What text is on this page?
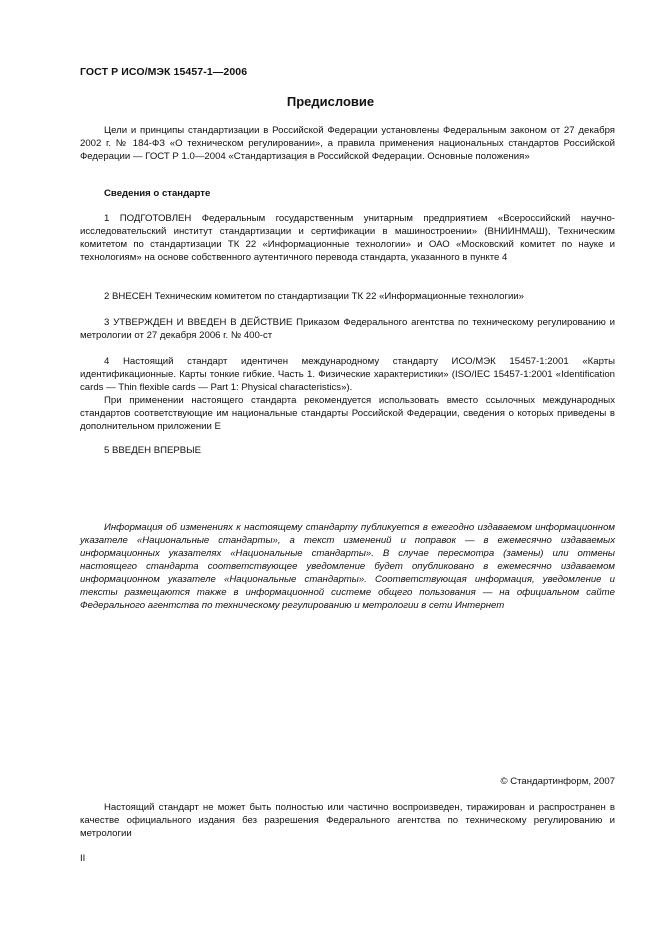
ГОСТ Р ИСО/МЭК 15457-1—2006
Предисловие

Цели и принципы стандартизации в Российской Федерации установлены Федеральным законом от 27 декабря 2002 г. № 184-ФЗ «О техническом регулировании», а правила применения национальных стандартов Российской Федерации — ГОСТ Р 1.0—2004 «Стандартизация в Российской Федерации. Основные положения»

Сведения о стандарте

1 ПОДГОТОВЛЕН Федеральным государственным унитарным предприятием «Всероссийский научно-исследовательский институт стандартизации и сертификации в машиностроении» (ВНИИНМАШ), Техническим комитетом по стандартизации ТК 22 «Информационные технологии» и ОАО «Московский комитет по науке и технологиям» на основе собственного аутентичного перевода стандарта, указанного в пункте 4

2 ВНЕСЕН Техническим комитетом по стандартизации ТК 22 «Информационные технологии»

3 УТВЕРЖДЕН И ВВЕДЕН В ДЕЙСТВИЕ Приказом Федерального агентства по техническому регулированию и метрологии от 27 декабря 2006 г. № 400-ст

4 Настоящий стандарт идентичен международному стандарту ИСО/МЭК 15457-1:2001 «Карты идентификационные. Карты тонкие гибкие. Часть 1. Физические характеристики» (ISO/IEC 15457-1:2001 «Identification cards — Thin flexible cards — Part 1: Physical characteristics»).

При применении настоящего стандарта рекомендуется использовать вместо ссылочных международных стандартов соответствующие им национальные стандарты Российской Федерации, сведения о которых приведены в дополнительном приложении Е

5 ВВЕДЕН ВПЕРВЫЕ

Информация об изменениях к настоящему стандарту публикуется в ежегодно издаваемом информационном указателе «Национальные стандарты», а текст изменений и поправок — в ежемесячно издаваемых информационных указателях «Национальные стандарты». В случае пересмотра (замены) или отмены настоящего стандарта соответствующее уведомление будет опубликовано в ежемесячно издаваемом информационном указателе «Национальные стандарты». Соответствующая информация, уведомление и тексты размещаются также в информационной системе общего пользования — на официальном сайте Федерального агентства по техническому регулированию и метрологии в сети Интернет

© Стандартинформ, 2007

Настоящий стандарт не может быть полностью или частично воспроизведен, тиражирован и распространен в качестве официального издания без разрешения Федерального агентства по техническому регулированию и метрологии

II
